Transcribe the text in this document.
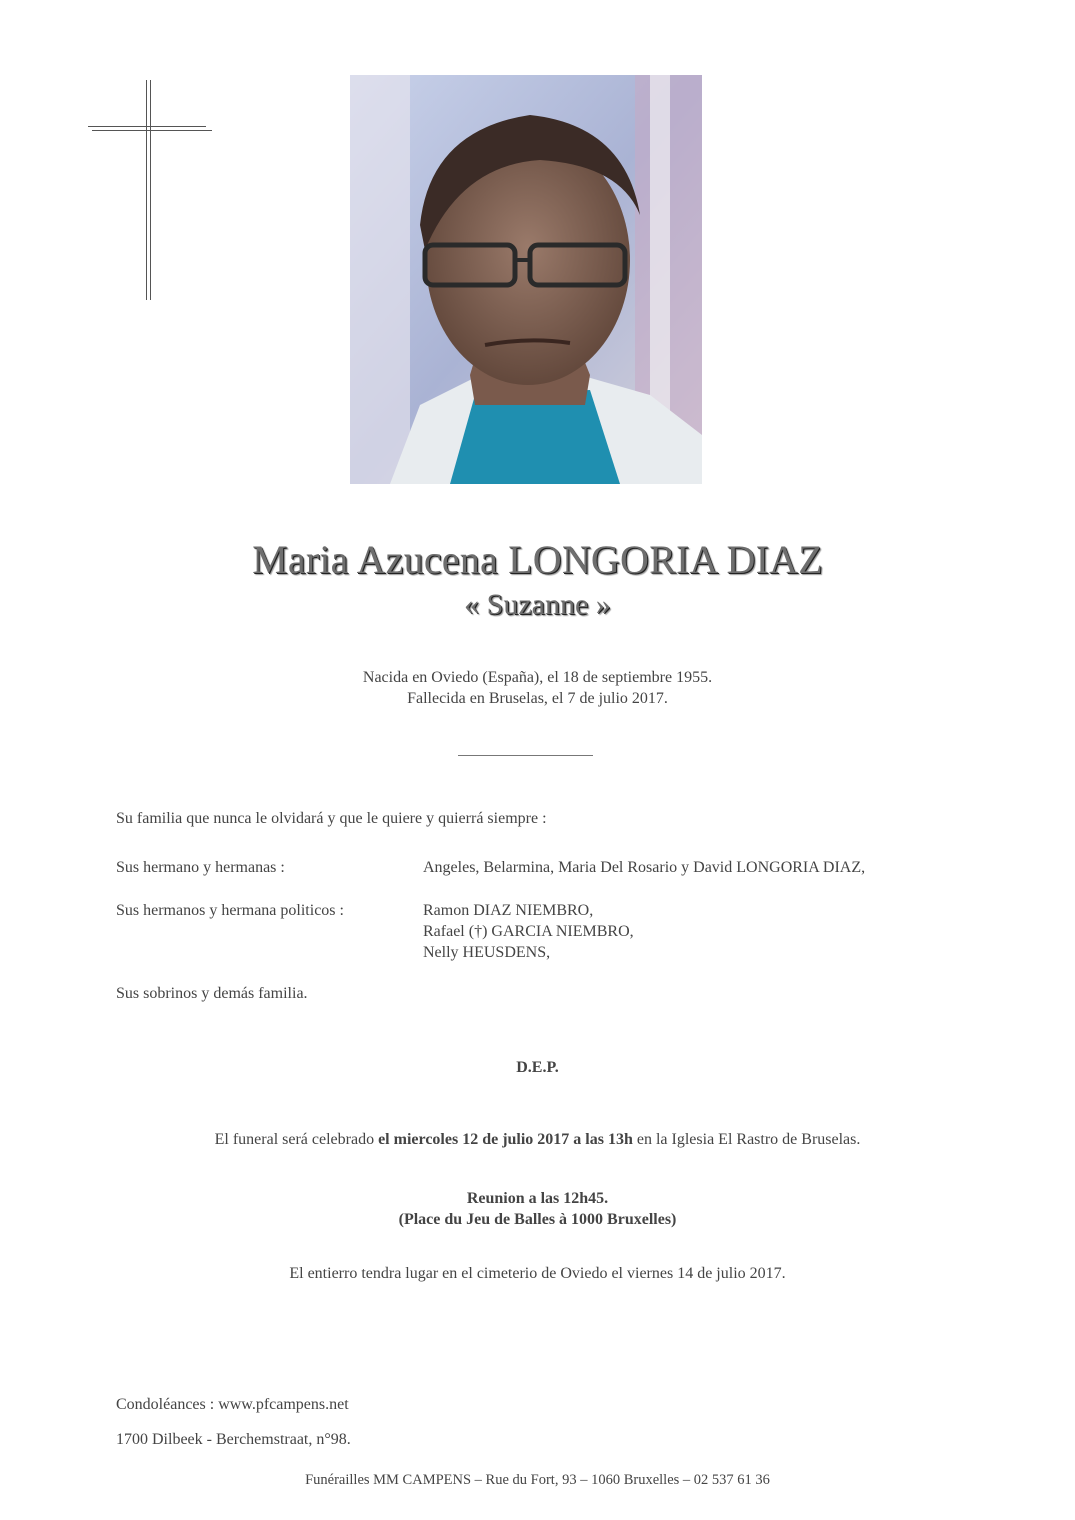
Maria Azucena LONGORIA DIAZ
« Suzanne »
Nacida en Oviedo (España), el 18 de septiembre 1955.
Fallecida en Bruselas, el 7 de julio 2017.
Su familia que nunca le olvidará y que le quiere y quierrá siempre :
Sus hermano y hermanas :	Angeles, Belarmina, Maria Del Rosario y David LONGORIA DIAZ,
Sus hermanos y hermana politicos :	Ramon DIAZ NIEMBRO,
Rafael (†) GARCIA NIEMBRO,
Nelly HEUSDENS,
Sus sobrinos y demás familia.
D.E.P.
El funeral será celebrado el miercoles 12 de julio 2017 a las 13h en la Iglesia El Rastro de Bruselas.
Reunion a las 12h45.
(Place du Jeu de Balles à 1000 Bruxelles)
El entierro tendra lugar en el cimeterio de Oviedo el viernes 14 de julio 2017.
Condoléances : www.pfcampens.net
1700 Dilbeek - Berchemstraat, n°98.
Funérailles MM CAMPENS – Rue du Fort, 93 – 1060 Bruxelles – 02 537 61 36
